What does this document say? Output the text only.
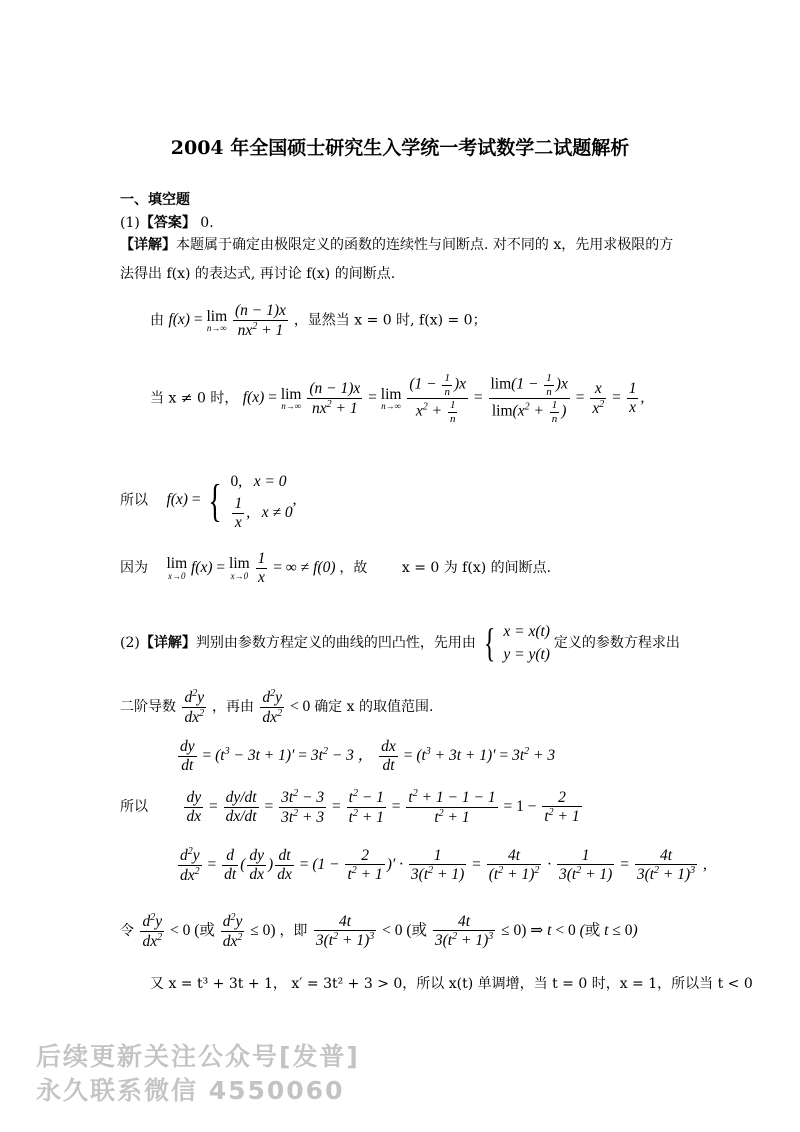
2004 年全国硕士研究生入学统一考试数学二试题解析
一、填空题
(1)【答案】 0.
【详解】本题属于确定由极限定义的函数的连续性与间断点. 对不同的 x，先用求极限的方
法得出 f(x) 的表达式, 再讨论 f(x) 的间断点.
由 f(x) = lim
n→∞
$\frac{(n - 1)x}{nx^2 + 1}$ ，显然当 x = 0 时, f(x) = 0；
当 x ≠ 0 时， f(x) = lim
n→∞
$\frac{(n - 1)x}{nx^2 + 1} = \lim$
n→∞
$\frac{(1 - \frac{1}{n} )x}{x^2 + \frac{1}{n}} = \frac{\lim(1 - \frac{1}{n} )x}{\lim(x^2 + \frac{1}{n} )} = \frac{x}{x^2} = \frac{1}{x}$ ,
所以 f(x) = { 0,   x = 0
$\frac{1}{x}$ ,   x ≠ 0
,
因为 lim
x→0 f(x) = lim
x→0
$\frac{1}{x}$ = ∞ ≠ f(0) ，故 x = 0 为 f(x) 的间断点.
(2)【详解】判别由参数方程定义的曲线的凹凸性，先用由 { x = x(t)
y = y(t)
定义的参数方程求出
二阶导数 $\frac{d^2y}{dx^2}$ ，再由 $\frac{d^2y}{dx^2} < 0$ 确定 x 的取值范围.
$\frac{dy}{dt} = (t^3 - 3t + 1)' = 3t^2 - 3$ ， $\frac{dx}{dt} = (t^3 + 3t + 1)' = 3t^2 + 3$
所以 $\frac{dy}{dx} = \frac{dy/dt}{dx/dt} = \frac{3t^2 - 3}{3t^2 + 3} = \frac{t^2 - 1}{t^2 + 1} = \frac{t^2 + 1 - 1 - 1}{t^2 + 1} = 1 - \frac{2}{t^2 + 1}$
$\frac{d^2y}{dx^2} = \frac{d}{dt}$ ( $\frac{dy}{dx}$ ) $\frac{dt}{dx} = (1 - \frac{2}{t^2 + 1}$ )′ · $\frac{1}{3(t^2 + 1)} = \frac{4t}{(t^2 + 1)^2} \cdot \frac{1}{3(t^2 + 1)} = \frac{4t}{3(t^2 + 1)^3}$ ,
令 $\frac{d^2y}{dx^2} < 0$ (或 $\frac{d^2y}{dx^2} \le 0$) ，即 $\frac{4t}{3(t^2 + 1)^3} < 0$ (或 $\frac{4t}{3(t^2 + 1)^3} \le 0$) ⇒ t < 0 (或 t ≤ 0)
又 x = t³ + 3t + 1， x′ = 3t² + 3 > 0，所以 x(t) 单调增，当 t = 0 时，x = 1，所以当 t < 0
后续更新关注公众号[发普]
永久联系微信 4550060
